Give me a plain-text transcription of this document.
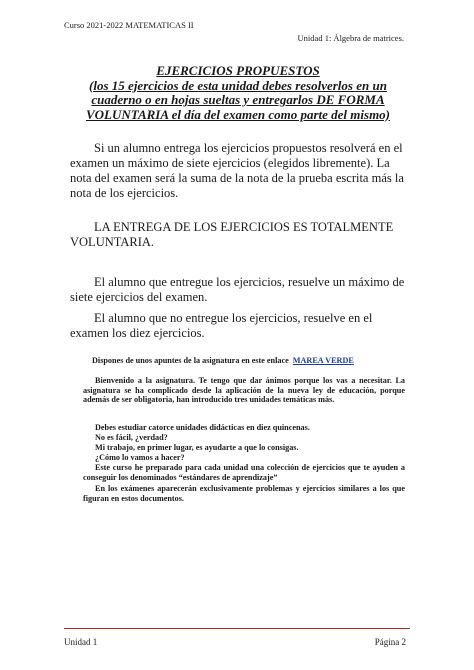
Curso 2021-2022 MATEMATICAS II
Unidad 1: Álgebra de matrices.
EJERCICIOS PROPUESTOS
(los 15 ejercicios de esta unidad debes resolverlos en un cuaderno o en hojas sueltas y entregarlos DE FORMA VOLUNTARIA el día del examen como parte del mismo)
Si un alumno entrega los ejercicios propuestos resolverá en el examen un máximo de siete ejercicios (elegidos libremente). La nota del examen será la suma de la nota de la prueba escrita más la nota de los ejercicios.
LA ENTREGA DE LOS EJERCICIOS ES TOTALMENTE VOLUNTARIA.
El alumno que entregue los ejercicios, resuelve un máximo de siete ejercicios del examen.
El alumno que no entregue los ejercicios, resuelve en el examen los diez ejercicios.
Dispones de unos apuntes de la asignatura en este enlace MAREA VERDE
Bienvenido a la asignatura. Te tengo que dar ánimos porque los vas a necesitar. La asignatura se ha complicado desde la aplicación de la nueva ley de educación, porque además de ser obligatoria, han introducido tres unidades temáticas más.
Debes estudiar catorce unidades didácticas en diez quincenas.
No es fácil, ¿verdad?
Mi trabajo, en primer lugar, es ayudarte a que lo consigas.
¿Cómo lo vamos a hacer?
Este curso he preparado para cada unidad una colección de ejercicios que te ayuden a conseguir los denominados “estándares de aprendizaje”
En los exámenes aparecerán exclusivamente problemas y ejercicios similares a los que figuran en estos documentos.
Unidad 1	Página 2
